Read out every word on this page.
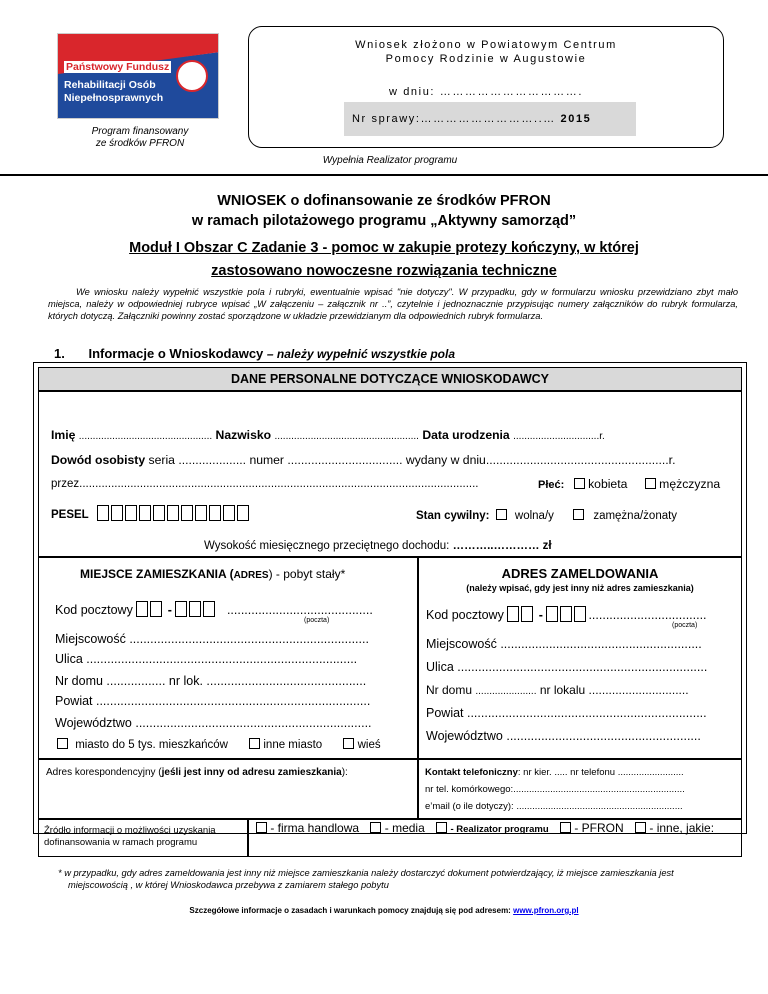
Państwowy Fundusz
Rehabilitacji Osób
Niepełnosprawnych
Program finansowany
ze środków PFRON
Wniosek złożono w Powiatowym Centrum
Pomocy Rodzinie w Augustowie
w dniu: …………………………….
Nr sprawy:………………………..… 2015
Wypełnia Realizator programu
WNIOSEK o dofinansowanie ze środków PFRON
w ramach pilotażowego programu „Aktywny samorząd”
Moduł I Obszar C Zadanie 3 - pomoc w zakupie protezy kończyny, w której
zastosowano nowoczesne rozwiązania techniczne
We wniosku należy wypełnić wszystkie pola i rubryki, ewentualnie wpisać "nie dotyczy". W przypadku, gdy w formularzu wniosku przewidziano zbyt mało miejsca, należy w odpowiedniej rubryce wpisać „W załączeniu – załącznik nr ..”, czytelnie i jednoznacznie przypisując numery załączników do rubryk formularza, których dotyczą. Załączniki powinny zostać sporządzone w układzie przewidzianym dla odpowiednich rubryk formularza.
1. Informacje o Wnioskodawcy – należy wypełnić wszystkie pola
DANE PERSONALNE DOTYCZĄCE WNIOSKODAWCY
Imię ................................................ Nazwisko .................................................... Data urodzenia ...............................r.
Dowód osobisty seria .................... numer .................................. wydany w dniu......................................................r.
przez.............................................................................................................................	Płeć: kobieta	mężczyzna
PESEL	Stan cywilny: wolna/y	zamężna/żonaty
Wysokość miesięcznego przeciętnego dochodu: ………..………… zł
MIEJSCE ZAMIESZKANIA (ADRES) - pobyt stały*
Kod pocztowy	-	..........................................
(poczta)
Miejscowość .....................................................................
Ulica ..............................................................................
Nr domu ................. nr lok. ..............................................
Powiat ...............................................................................
Województwo ....................................................................
miasto do 5 tys. mieszkańców	inne miasto	wieś
ADRES ZAMELDOWANIA
(należy wpisać, gdy jest inny niż adres zamieszkania)
Kod pocztowy	-	..................................
(poczta)
Miejscowość ..........................................................
Ulica ........................................................................
Nr domu ...................... nr lokalu ..............................
Powiat .....................................................................
Województwo ........................................................
Adres korespondencyjny (jeśli jest inny od adresu zamieszkania):	Kontakt telefoniczny: nr kier. ..... nr telefonu .........................
nr tel. komórkowego:.................................................................
e’mail (o ile dotyczy): ...............................................................
Źródło informacji o możliwości uzyskania dofinansowania w ramach programu
- firma handlowa - media	- Realizator programu - PFRON - inne, jakie:
* w przypadku, gdy adres zameldowania jest inny niż miejsce zamieszkania należy dostarczyć dokument potwierdzający, iż miejsce zamieszkania jest miejscowością , w której Wnioskodawca przebywa z zamiarem stałego pobytu
Szczegółowe informacje o zasadach i warunkach pomocy znajdują się pod adresem: www.pfron.org.pl
